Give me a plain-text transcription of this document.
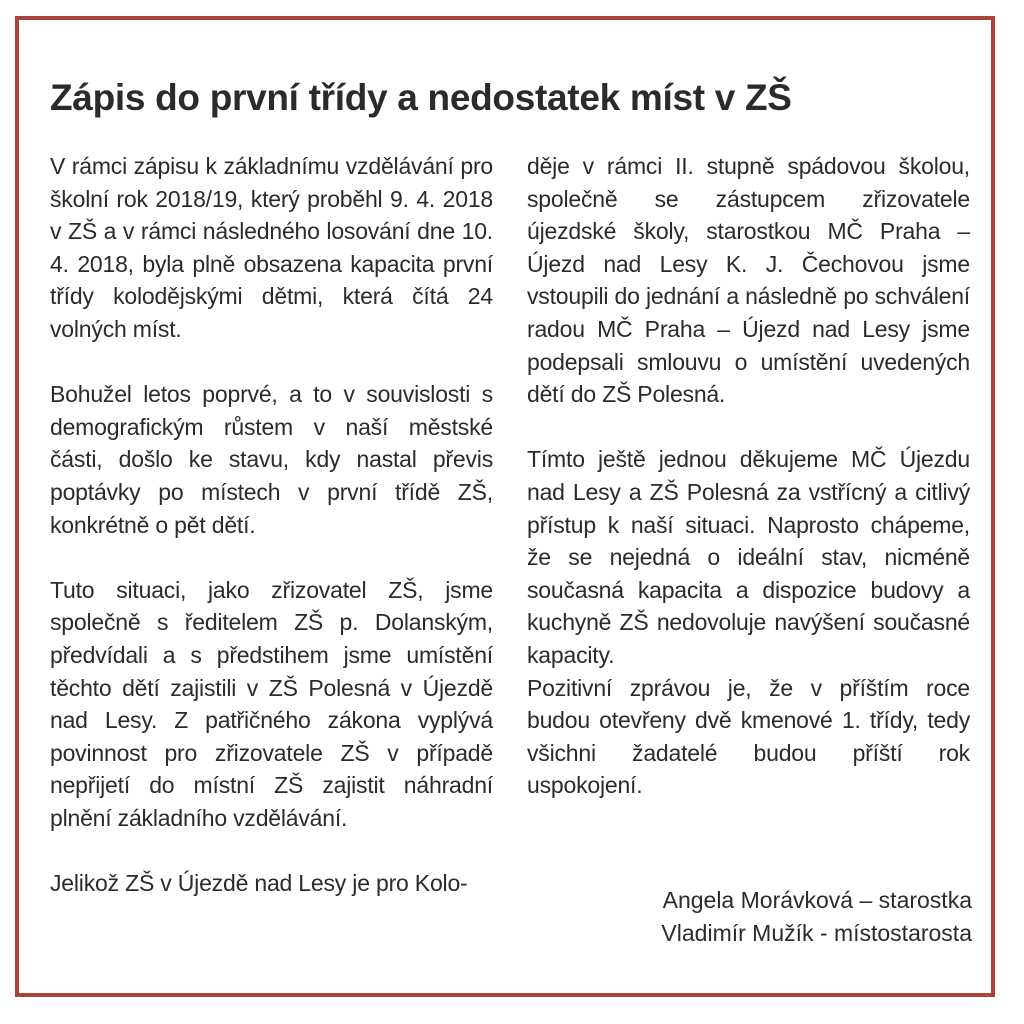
Zápis do první třídy a nedostatek míst v ZŠ

V rámci zápisu k základnímu vzdělávání pro školní rok 2018/19, který proběhl 9. 4. 2018 v ZŠ a v rámci následného losování dne 10. 4. 2018, byla plně obsazena kapacita první třídy kolodějskými dětmi, která čítá 24 volných míst.

Bohužel letos poprvé, a to v souvislosti s demografickým růstem v naší městské části, došlo ke stavu, kdy nastal převis poptávky po místech v první třídě ZŠ, konkrétně o pět dětí.

Tuto situaci, jako zřizovatel ZŠ, jsme společně s ředitelem ZŠ p. Dolanským, předvídali a s předstihem jsme umístění těchto dětí zajistili v ZŠ Polesná v Újezdě nad Lesy. Z patřičného zákona vyplývá povinnost pro zřizovatele ZŠ v případě nepřijetí do místní ZŠ zajistit náhradní plnění základního vzdělávání.

Jelikož ZŠ v Újezdě nad Lesy je pro Kolo-

děje v rámci II. stupně spádovou školou, společně se zástupcem zřizovatele újezdské školy, starostkou MČ Praha – Újezd nad Lesy K. J. Čechovou jsme vstoupili do jednání a následně po schválení radou MČ Praha – Újezd nad Lesy jsme podepsali smlouvu o umístění uvedených dětí do ZŠ Polesná.

Tímto ještě jednou děkujeme MČ Újezdu nad Lesy a ZŠ Polesná za vstřícný a citlivý přístup k naší situaci. Naprosto chápeme, že se nejedná o ideální stav, nicméně současná kapacita a dispozice budovy a kuchyně ZŠ nedovoluje navýšení současné kapacity.

Pozitivní zprávou je, že v příštím roce budou otevřeny dvě kmenové 1. třídy, tedy všichni žadatelé budou příští rok uspokojení.

Angela Morávková – starostka
Vladimír Mužík - místostarosta
